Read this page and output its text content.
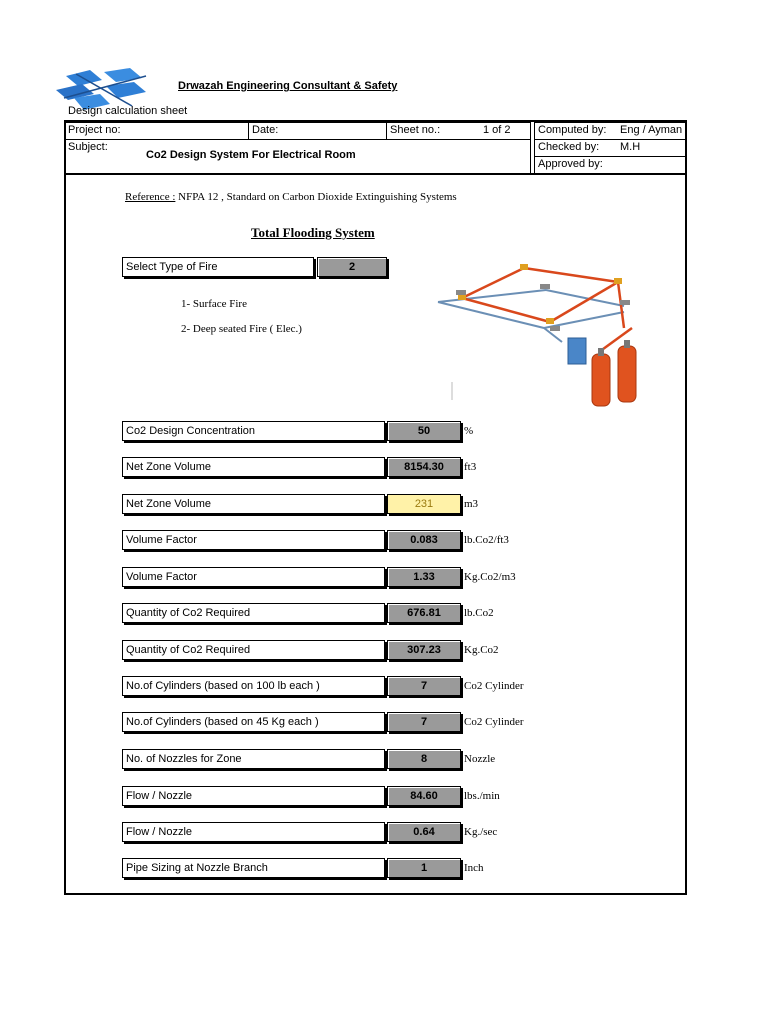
Drwazah Engineering Consultant & Safety
Design calculation sheet
Project no:	Date:	Sheet no.:	1 of 2	Computed by: Eng / Ayman
Subject:
Co2 Design System For Electrical Room
Checked by: M.H
Approved by:
Reference : NFPA 12 , Standard on Carbon Dioxide Extinguishing Systems
Total Flooding System
Select Type of Fire	2
1- Surface Fire
2- Deep seated Fire ( Elec.)
Co2 Design Concentration	50	%
Net Zone Volume	8154.30	ft3
Net Zone Volume	231	m3
Volume Factor	0.083	lb.Co2/ft3
Volume Factor	1.33	Kg.Co2/m3
Quantity of Co2 Required	676.81	lb.Co2
Quantity of Co2 Required	307.23	Kg.Co2
No.of Cylinders (based on 100 lb each )	7	Co2 Cylinder
No.of Cylinders (based on 45 Kg each )	7	Co2 Cylinder
No. of Nozzles for Zone	8	Nozzle
Flow / Nozzle	84.60	lbs./min
Flow / Nozzle	0.64	Kg./sec
Pipe Sizing at Nozzle Branch	1	Inch
